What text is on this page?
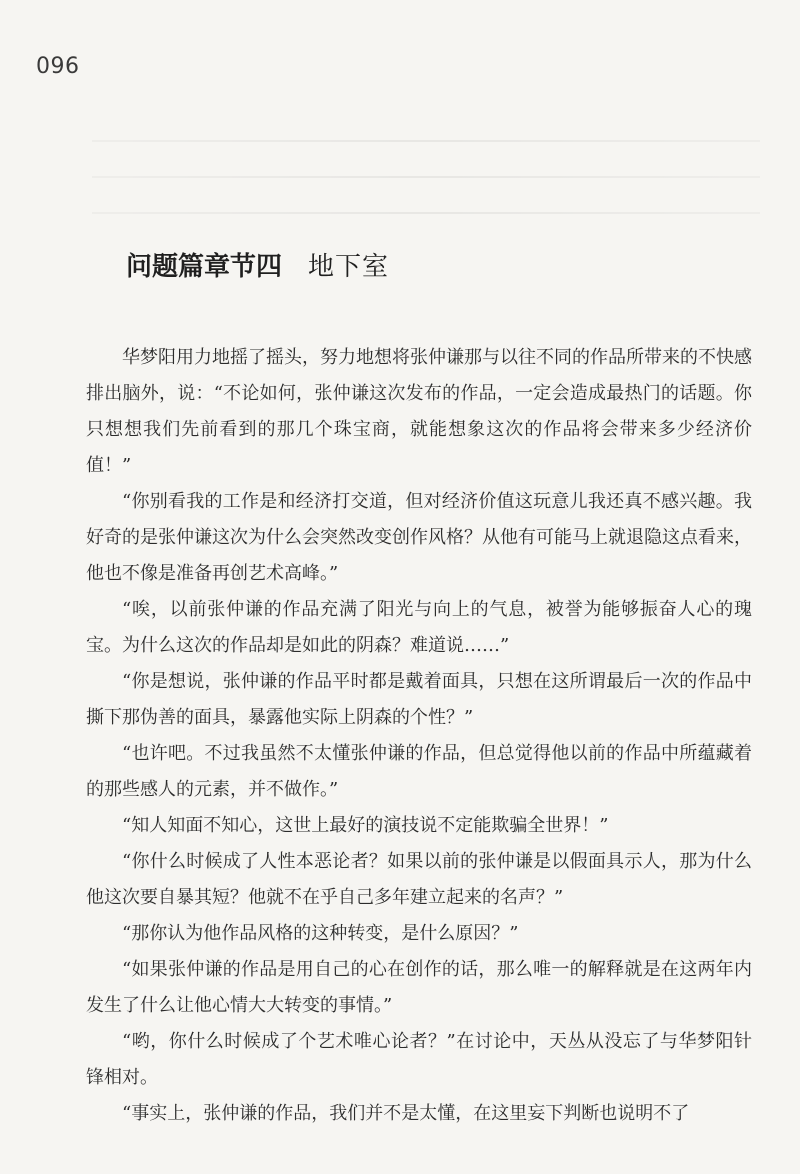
096
问题篇章节四 地下室

华梦阳用力地摇了摇头，努力地想将张仲谦那与以往不同的作品所带来的不快感排出脑外，说：“不论如何，张仲谦这次发布的作品，一定会造成最热门的话题。你只想想我们先前看到的那几个珠宝商，就能想象这次的作品将会带来多少经济价值！”

“你别看我的工作是和经济打交道，但对经济价值这玩意儿我还真不感兴趣。我好奇的是张仲谦这次为什么会突然改变创作风格？从他有可能马上就退隐这点看来，他也不像是准备再创艺术高峰。”

“唉，以前张仲谦的作品充满了阳光与向上的气息，被誉为能够振奋人心的瑰宝。为什么这次的作品却是如此的阴森？难道说……”

“你是想说，张仲谦的作品平时都是戴着面具，只想在这所谓最后一次的作品中撕下那伪善的面具，暴露他实际上阴森的个性？”

“也许吧。不过我虽然不太懂张仲谦的作品，但总觉得他以前的作品中所蕴藏着的那些感人的元素，并不做作。”

“知人知面不知心，这世上最好的演技说不定能欺骗全世界！”

“你什么时候成了人性本恶论者？如果以前的张仲谦是以假面具示人，那为什么他这次要自暴其短？他就不在乎自己多年建立起来的名声？”

“那你认为他作品风格的这种转变，是什么原因？”

“如果张仲谦的作品是用自己的心在创作的话，那么唯一的解释就是在这两年内发生了什么让他心情大大转变的事情。”

“哟，你什么时候成了个艺术唯心论者？”在讨论中，天丛从没忘了与华梦阳针锋相对。

“事实上，张仲谦的作品，我们并不是太懂，在这里妄下判断也说明不了
